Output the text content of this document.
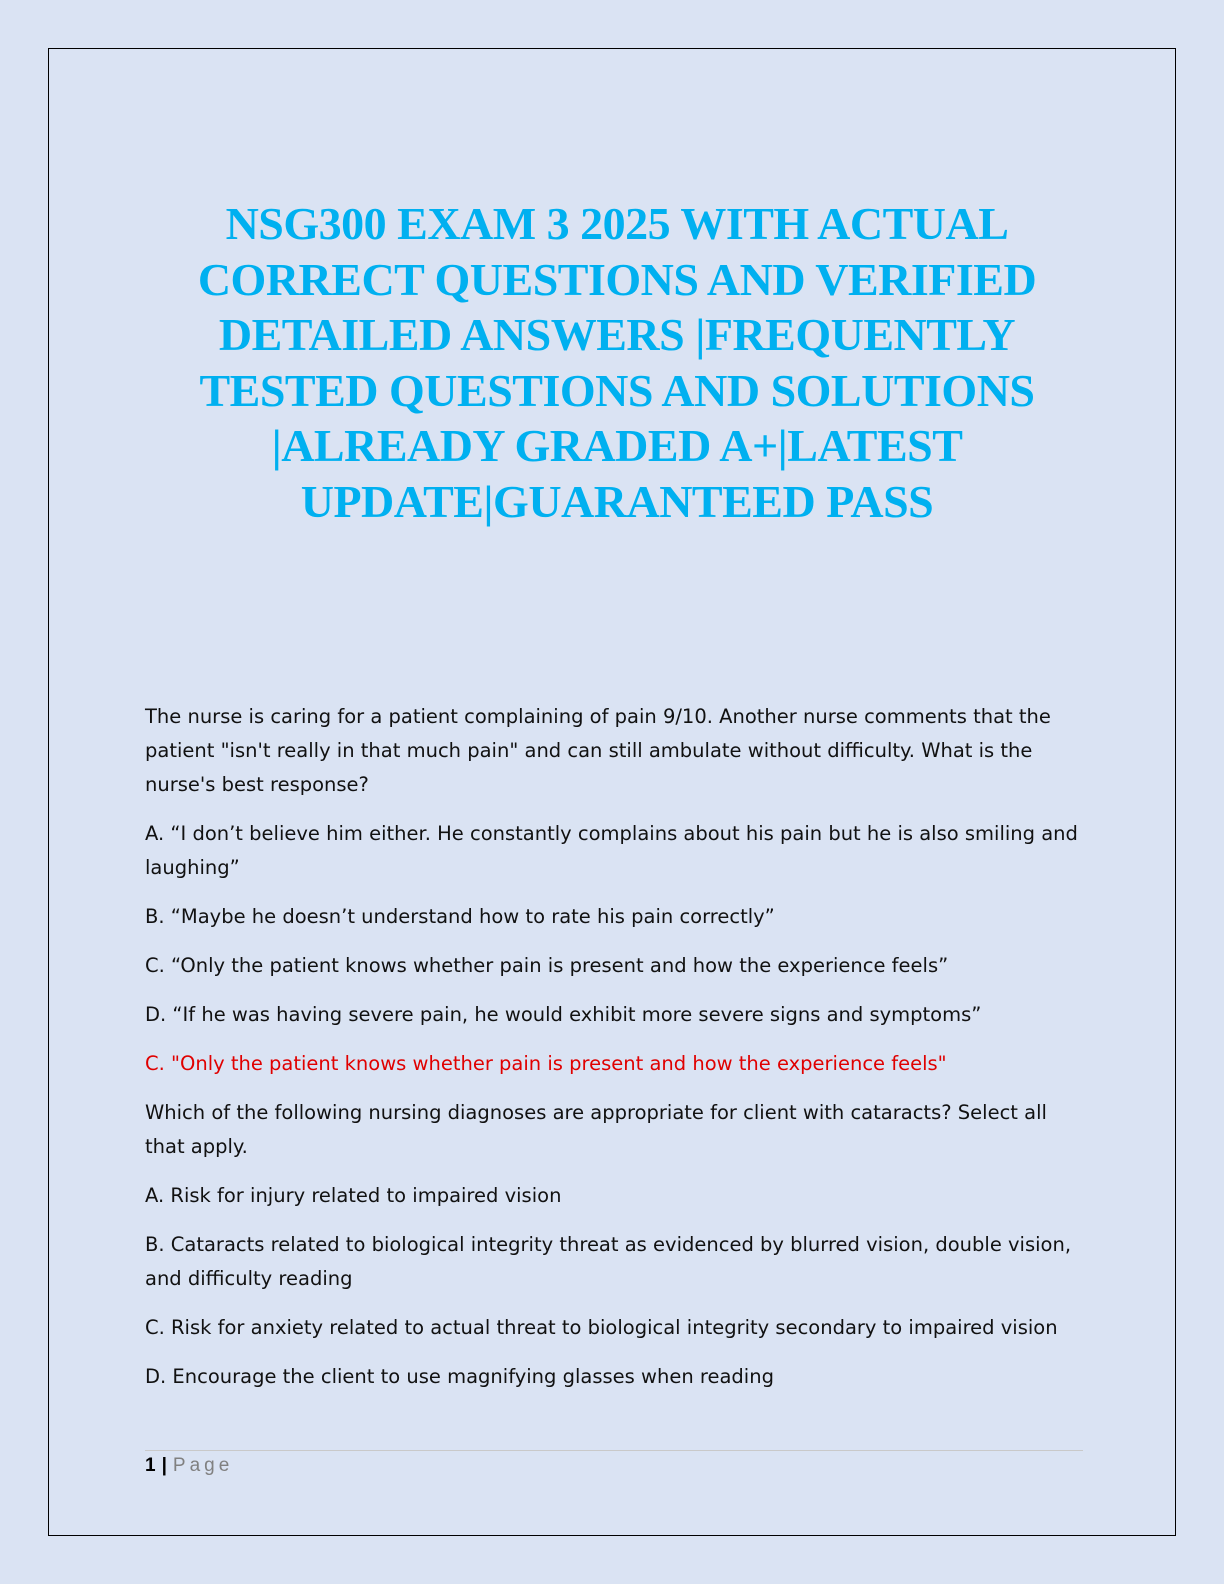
NSG300 EXAM 3 2025 WITH ACTUAL CORRECT QUESTIONS AND VERIFIED DETAILED ANSWERS |FREQUENTLY TESTED QUESTIONS AND SOLUTIONS |ALREADY GRADED A+|LATEST UPDATE|GUARANTEED PASS

The nurse is caring for a patient complaining of pain 9/10. Another nurse comments that the patient "isn't really in that much pain" and can still ambulate without difficulty. What is the nurse's best response?

A. “I don’t believe him either. He constantly complains about his pain but he is also smiling and laughing”

B. “Maybe he doesn’t understand how to rate his pain correctly”

C. “Only the patient knows whether pain is present and how the experience feels”

D. “If he was having severe pain, he would exhibit more severe signs and symptoms”

C. "Only the patient knows whether pain is present and how the experience feels"

Which of the following nursing diagnoses are appropriate for client with cataracts? Select all that apply.

A. Risk for injury related to impaired vision

B. Cataracts related to biological integrity threat as evidenced by blurred vision, double vision, and difficulty reading

C. Risk for anxiety related to actual threat to biological integrity secondary to impaired vision

D. Encourage the client to use magnifying glasses when reading

1 | Page
